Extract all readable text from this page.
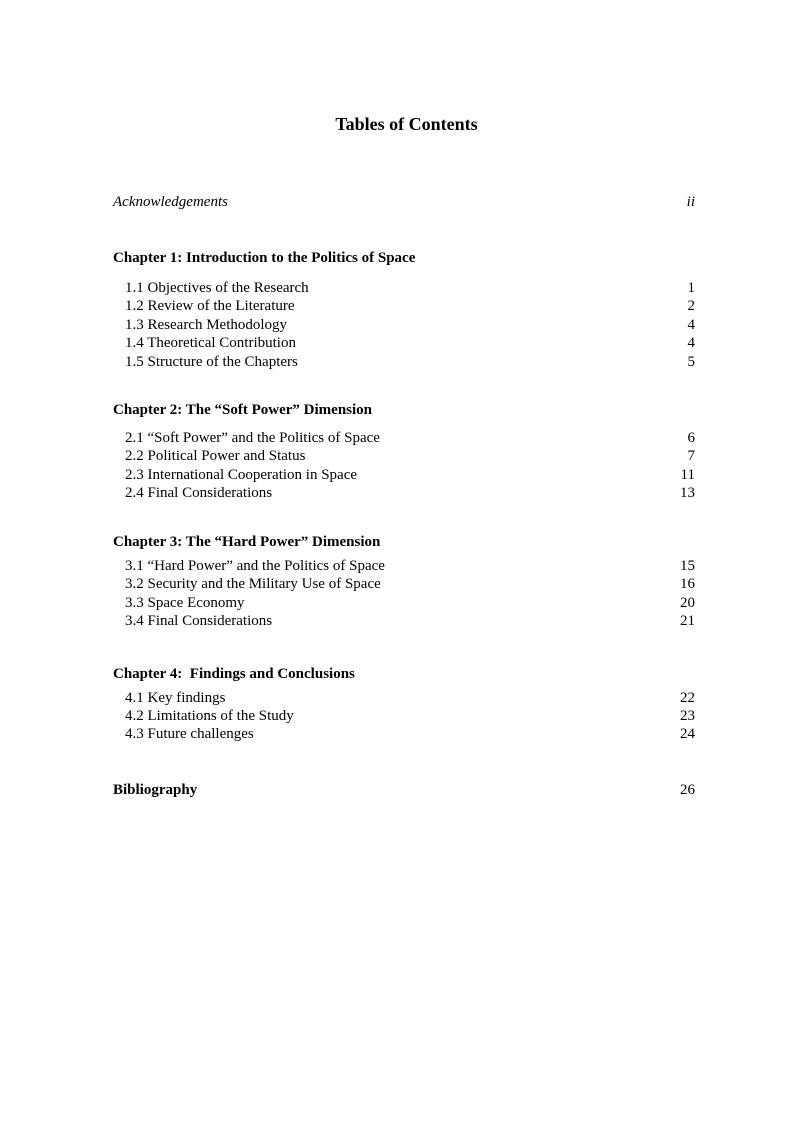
Tables of Contents
Acknowledgements	ii
Chapter 1: Introduction to the Politics of Space
1.1 Objectives of the Research	1
1.2 Review of the Literature	2
1.3 Research Methodology	4
1.4 Theoretical Contribution	4
1.5 Structure of the Chapters	5
Chapter 2: The “Soft Power” Dimension
2.1 “Soft Power” and the Politics of Space	6
2.2 Political Power and Status	7
2.3 International Cooperation in Space	11
2.4 Final Considerations	13
Chapter 3: The “Hard Power” Dimension
3.1 “Hard Power” and the Politics of Space	15
3.2 Security and the Military Use of Space	16
3.3 Space Economy	20
3.4 Final Considerations	21
Chapter 4:  Findings and Conclusions
4.1 Key findings	22
4.2 Limitations of the Study	23
4.3 Future challenges	24
Bibliography	26
